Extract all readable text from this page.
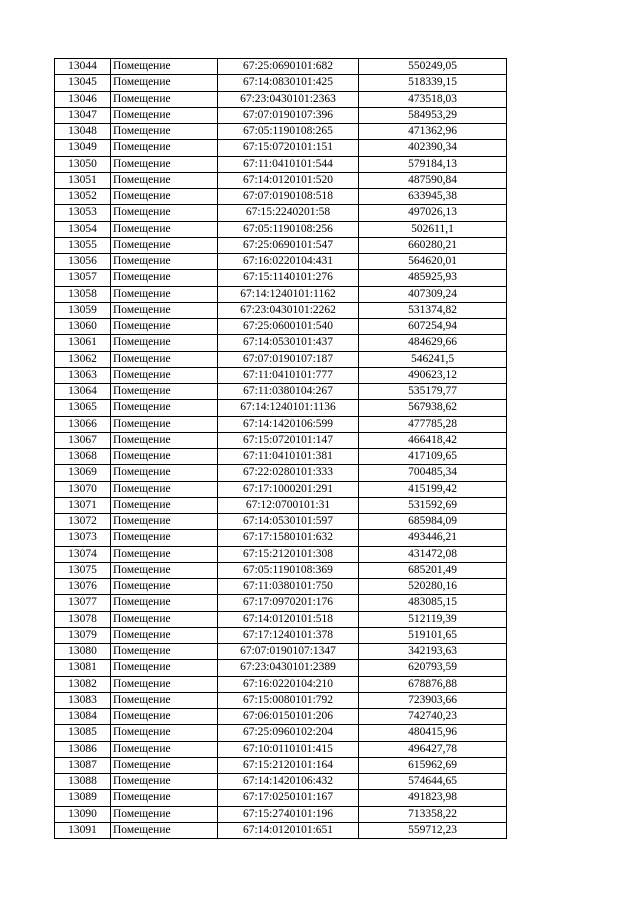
13044	Помещение	67:25:0690101:682	550249,05
13045	Помещение	67:14:0830101:425	518339,15
13046	Помещение	67:23:0430101:2363	473518,03
13047	Помещение	67:07:0190107:396	584953,29
13048	Помещение	67:05:1190108:265	471362,96
13049	Помещение	67:15:0720101:151	402390,34
13050	Помещение	67:11:0410101:544	579184,13
13051	Помещение	67:14:0120101:520	487590,84
13052	Помещение	67:07:0190108:518	633945,38
13053	Помещение	67:15:2240201:58	497026,13
13054	Помещение	67:05:1190108:256	502611,1
13055	Помещение	67:25:0690101:547	660280,21
13056	Помещение	67:16:0220104:431	564620,01
13057	Помещение	67:15:1140101:276	485925,93
13058	Помещение	67:14:1240101:1162	407309,24
13059	Помещение	67:23:0430101:2262	531374,82
13060	Помещение	67:25:0600101:540	607254,94
13061	Помещение	67:14:0530101:437	484629,66
13062	Помещение	67:07:0190107:187	546241,5
13063	Помещение	67:11:0410101:777	490623,12
13064	Помещение	67:11:0380104:267	535179,77
13065	Помещение	67:14:1240101:1136	567938,62
13066	Помещение	67:14:1420106:599	477785,28
13067	Помещение	67:15:0720101:147	466418,42
13068	Помещение	67:11:0410101:381	417109,65
13069	Помещение	67:22:0280101:333	700485,34
13070	Помещение	67:17:1000201:291	415199,42
13071	Помещение	67:12:0700101:31	531592,69
13072	Помещение	67:14:0530101:597	685984,09
13073	Помещение	67:17:1580101:632	493446,21
13074	Помещение	67:15:2120101:308	431472,08
13075	Помещение	67:05:1190108:369	685201,49
13076	Помещение	67:11:0380101:750	520280,16
13077	Помещение	67:17:0970201:176	483085,15
13078	Помещение	67:14:0120101:518	512119,39
13079	Помещение	67:17:1240101:378	519101,65
13080	Помещение	67:07:0190107:1347	342193,63
13081	Помещение	67:23:0430101:2389	620793,59
13082	Помещение	67:16:0220104:210	678876,88
13083	Помещение	67:15:0080101:792	723903,66
13084	Помещение	67:06:0150101:206	742740,23
13085	Помещение	67:25:0960102:204	480415,96
13086	Помещение	67:10:0110101:415	496427,78
13087	Помещение	67:15:2120101:164	615962,69
13088	Помещение	67:14:1420106:432	574644,65
13089	Помещение	67:17:0250101:167	491823,98
13090	Помещение	67:15:2740101:196	713358,22
13091	Помещение	67:14:0120101:651	559712,23
